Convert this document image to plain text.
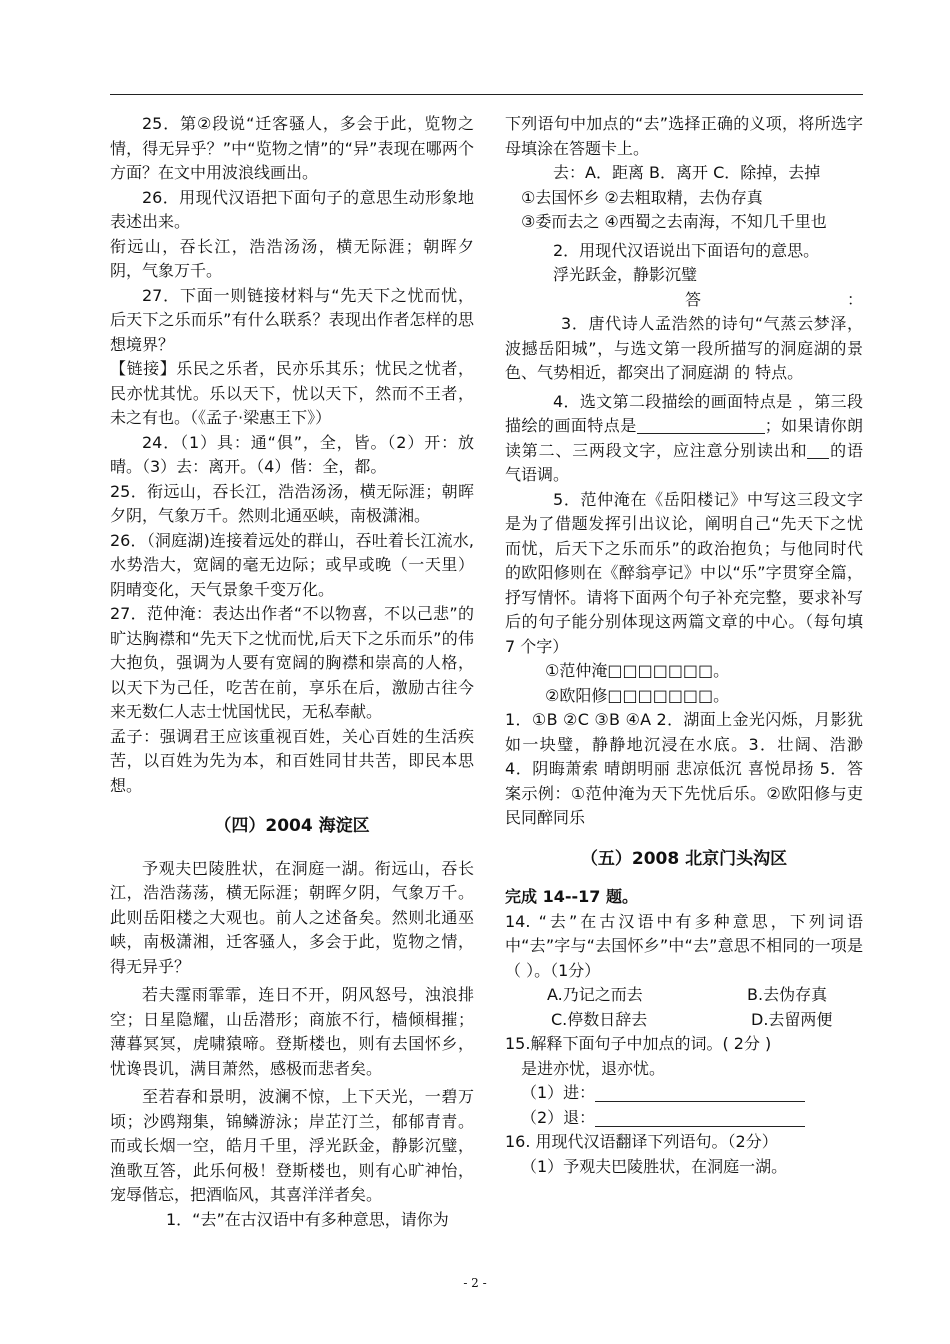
25．第②段说“迁客骚人，多会于此，览物之情，得无异乎？”中“览物之情”的“异”表现在哪两个方面？在文中用波浪线画出。

26．用现代汉语把下面句子的意思生动形象地表述出来。

衔远山，吞长江，浩浩汤汤，横无际涯；朝晖夕阴，气象万千。

27．下面一则链接材料与“先天下之忧而忧，后天下之乐而乐”有什么联系？表现出作者怎样的思想境界？

【链接】乐民之乐者，民亦乐其乐；忧民之忧者，民亦忧其忧。乐以天下，忧以天下，然而不王者，未之有也。（《孟子·梁惠王下》）

24．（1）具：通“俱”，全，皆。（2）开：放晴。（3）去：离开。（4）偕：全，都。

25．衔远山，吞长江，浩浩汤汤，横无际涯；朝晖夕阴，气象万千。然则北通巫峡，南极潇湘。

26．（洞庭湖)连接着远处的群山，吞吐着长江流水,水势浩大，宽阔的毫无边际；或早或晚（一天里）阴晴变化，天气景象千变万化。

27．范仲淹：表达出作者“不以物喜，不以己悲”的旷达胸襟和“先天下之忧而忧,后天下之乐而乐”的伟大抱负，强调为人要有宽阔的胸襟和崇高的人格，以天下为己任，吃苦在前，享乐在后，激励古往今来无数仁人志士忧国忧民，无私奉献。

孟子：强调君王应该重视百姓，关心百姓的生活疾苦，以百姓为先为本，和百姓同甘共苦，即民本思想。

（四）2004 海淀区

予观夫巴陵胜状，在洞庭一湖。衔远山，吞长江，浩浩荡荡，横无际涯；朝晖夕阴，气象万千。此则岳阳楼之大观也。前人之述备矣。然则北通巫峡，南极潇湘，迁客骚人，多会于此，览物之情，得无异乎？

若夫霪雨霏霏，连日不开，阴风怒号，浊浪排空；日星隐耀，山岳潜形；商旅不行，樯倾楫摧；薄暮冥冥，虎啸猿啼。登斯楼也，则有去国怀乡，忧谗畏讥，满目萧然，感极而悲者矣。

至若春和景明，波澜不惊，上下天光，一碧万顷；沙鸥翔集，锦鳞游泳；岸芷汀兰，郁郁青青。而或长烟一空，皓月千里，浮光跃金，静影沉璧，渔歌互答，此乐何极！登斯楼也，则有心旷神怡，宠辱偕忘，把酒临风，其喜洋洋者矣。

1．“去”在古汉语中有多种意思，请你为

下列语句中加点的“去”选择正确的义项，将所选字母填涂在答题卡上。

去：A．距离 B．离开 C．除掉，去掉

①去国怀乡 ②去粗取精，去伪存真

③委而去之 ④西蜀之去南海，不知几千里也

2．用现代汉语说出下面语句的意思。

浮光跃金，静影沉璧

答	：

3．唐代诗人孟浩然的诗句“气蒸云梦泽，波撼岳阳城”，与选文第一段所描写的洞庭湖的景色、气势相近，都突出了洞庭湖 的 特点。

4．选文第二段描绘的画面特点是 ，第三段描绘的画面特点是	；如果请你朗读第二、三两段文字，应注意分别读出和 的语气语调。

5．范仲淹在《岳阳楼记》中写这三段文字是为了借题发挥引出议论，阐明自己“先天下之忧而忧，后天下之乐而乐”的政治抱负；与他同时代的欧阳修则在《醉翁亭记》中以“乐”字贯穿全篇，抒写情怀。请将下面两个句子补充完整，要求补写后的句子能分别体现这两篇文章的中心。（每句填 7 个字）

①范仲淹□□□□□□□。

②欧阳修□□□□□□□。

1．①B ②C ③B ④A 2．湖面上金光闪烁，月影犹如一块璧，静静地沉浸在水底。3．壮阔、浩渺 4．阴晦萧索 晴朗明丽 悲凉低沉 喜悦昂扬 5．答案示例：①范仲淹为天下先忧后乐。②欧阳修与吏民同醉同乐

（五）2008 北京门头沟区

完成 14--17 题。

14. “去”在古汉语中有多种意思，下列词语中“去”字与“去国怀乡”中“去”意思不相同的一项是（ ）。（1分）

A.乃记之而去	B.去伪存真
C.停数日辞去	D.去留两便

15.解释下面句子中加点的词。( 2分 )

是进亦忧，退亦忧。

（1）进：

（2）退：

16. 用现代汉语翻译下列语句。（2分）

（1）予观夫巴陵胜状，在洞庭一湖。

- 2 -
